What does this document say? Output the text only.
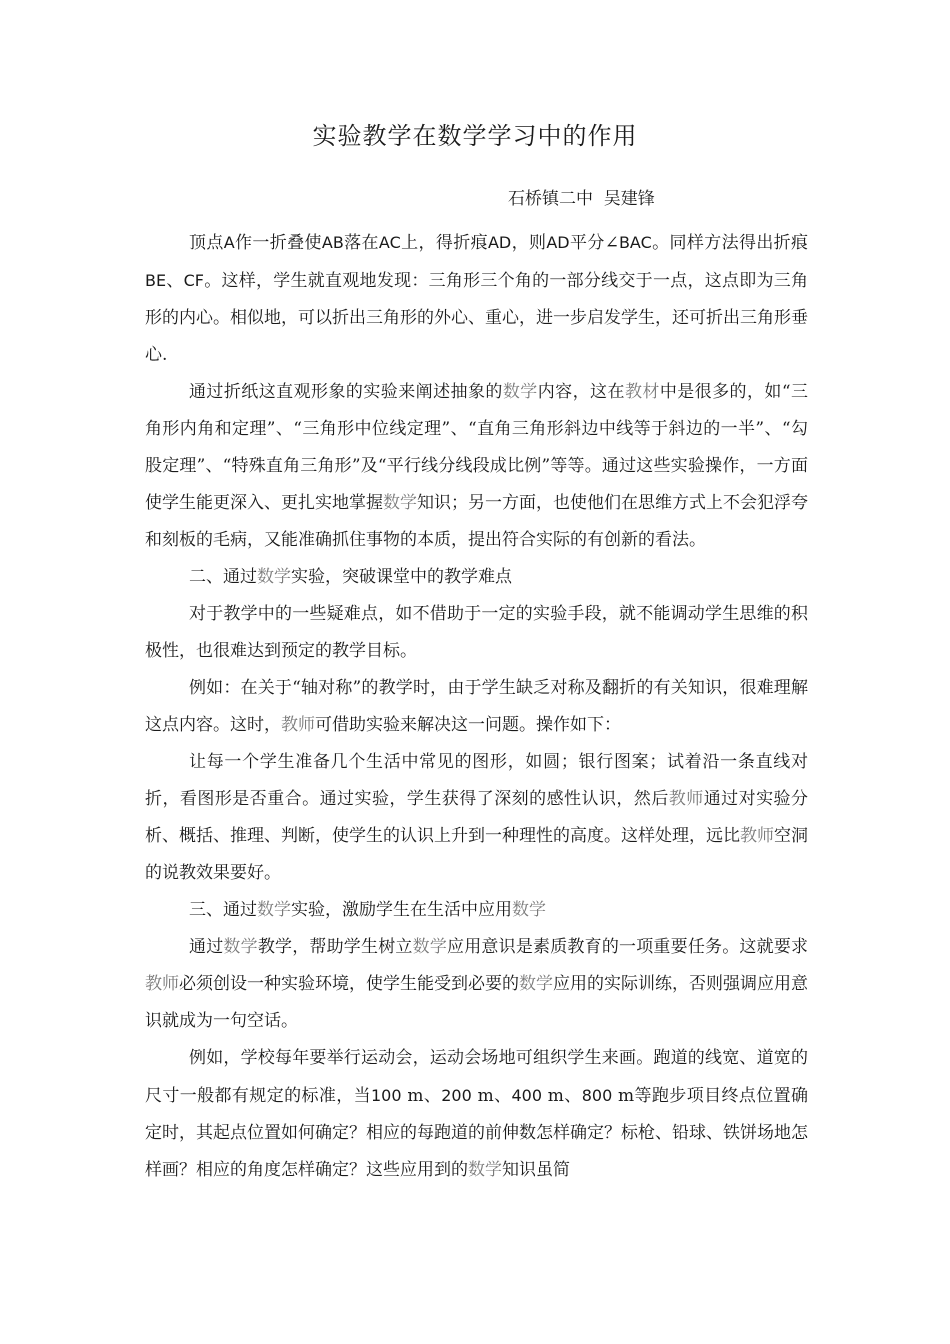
实验教学在数学学习中的作用
石桥镇二中  吴建锋

顶点A作一折叠使AB落在AC上，得折痕AD，则AD平分∠BAC。同样方法得出折痕BE、CF。这样，学生就直观地发现：三角形三个角的一部分线交于一点，这点即为三角形的内心。相似地，可以折出三角形的外心、重心，进一步启发学生，还可折出三角形垂心.

通过折纸这直观形象的实验来阐述抽象的数学内容，这在教材中是很多的，如“三角形内角和定理”、“三角形中位线定理”、“直角三角形斜边中线等于斜边的一半”、“勾股定理”、“特殊直角三角形”及“平行线分线段成比例”等等。通过这些实验操作，一方面使学生能更深入、更扎实地掌握数学知识；另一方面，也使他们在思维方式上不会犯浮夸和刻板的毛病，又能准确抓住事物的本质，提出符合实际的有创新的看法。

二、通过数学实验，突破课堂中的教学难点

对于教学中的一些疑难点，如不借助于一定的实验手段，就不能调动学生思维的积极性，也很难达到预定的教学目标。

例如：在关于“轴对称”的教学时，由于学生缺乏对称及翻折的有关知识，很难理解这点内容。这时，教师可借助实验来解决这一问题。操作如下：

让每一个学生准备几个生活中常见的图形，如圆；银行图案；试着沿一条直线对折，看图形是否重合。通过实验，学生获得了深刻的感性认识，然后教师通过对实验分析、概括、推理、判断，使学生的认识上升到一种理性的高度。这样处理，远比教师空洞的说教效果要好。

三、通过数学实验，激励学生在生活中应用数学

通过数学教学，帮助学生树立数学应用意识是素质教育的一项重要任务。这就要求教师必须创设一种实验环境，使学生能受到必要的数学应用的实际训练，否则强调应用意识就成为一句空话。

例如，学校每年要举行运动会，运动会场地可组织学生来画。跑道的线宽、道宽的尺寸一般都有规定的标准，当100 m、200 m、400 m、800 m等跑步项目终点位置确定时，其起点位置如何确定？相应的每跑道的前伸数怎样确定？标枪、铅球、铁饼场地怎样画？相应的角度怎样确定？这些应用到的数学知识虽简
